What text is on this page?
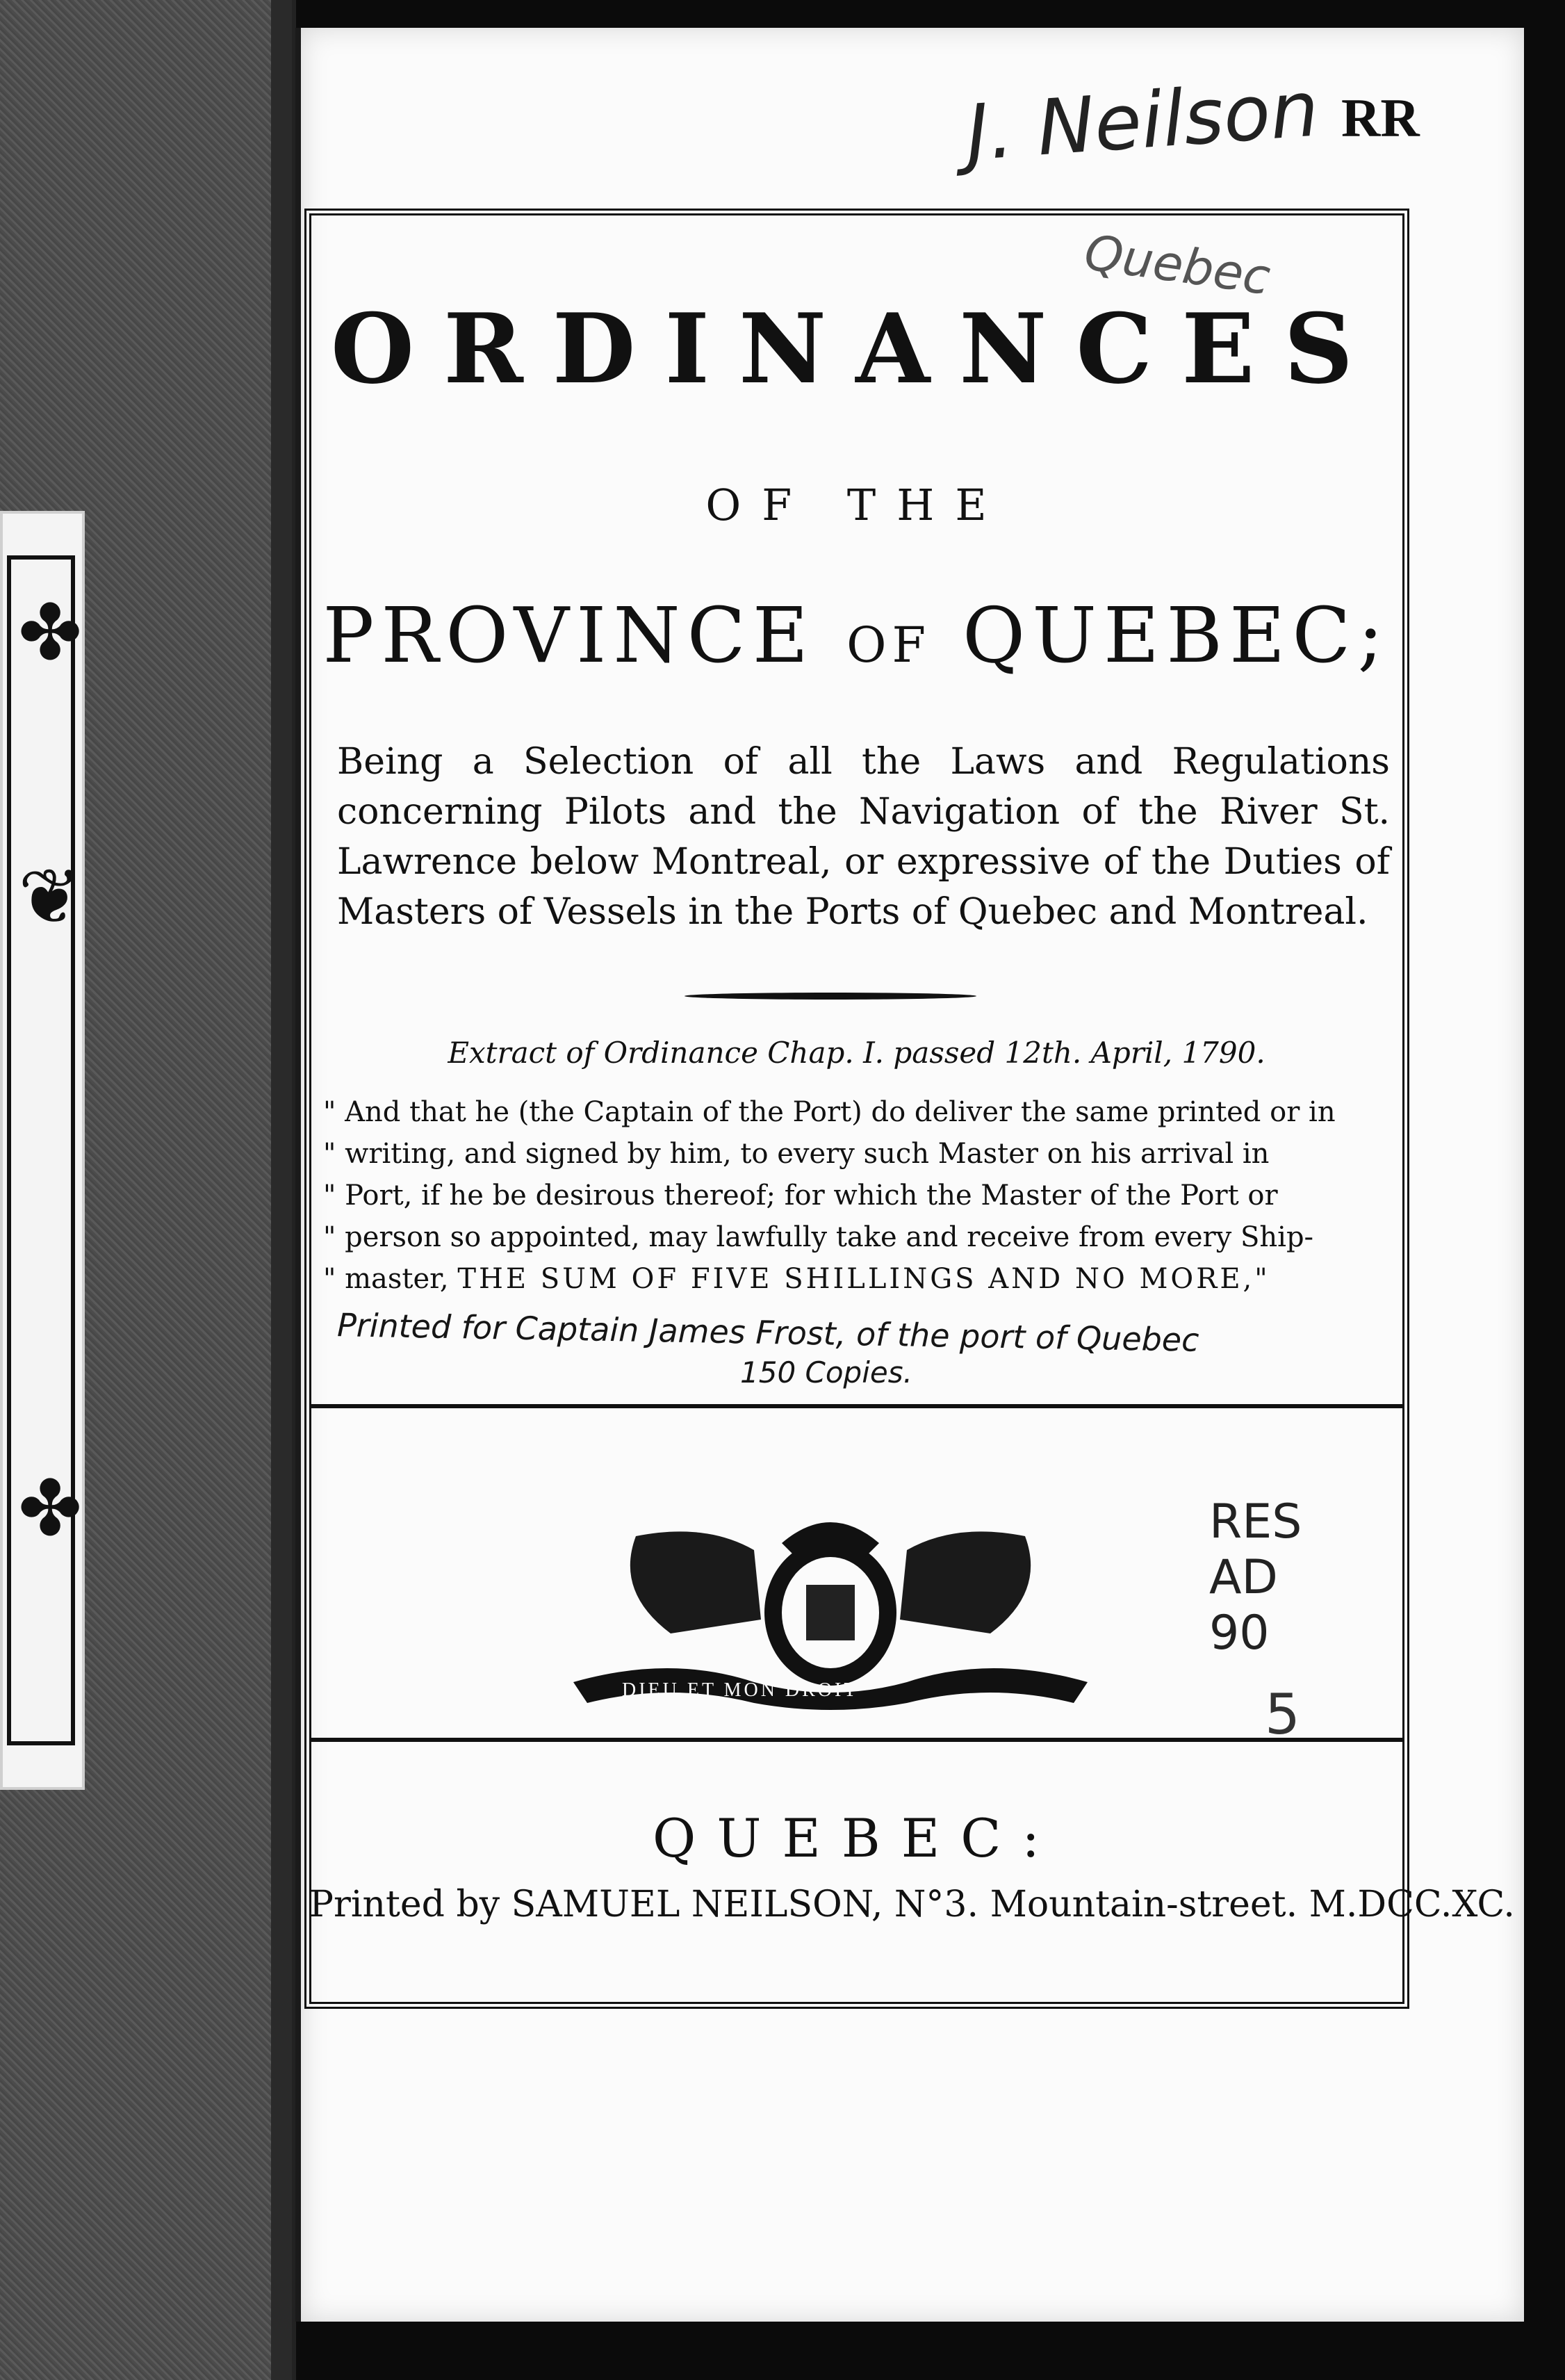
✤
❦
✤
J. Neilson
Quebec
RR
ORDINANCES
OF THE
PROVINCE OF QUEBEC;
Being a Selection of all the Laws and Regulations concerning Pilots and the Navigation of the River St. Lawrence below Montreal, or expressive of the Duties of Masters of Vessels in the Ports of Quebec and Montreal.
Extract of Ordinance Chap. I. passed 12th. April, 1790.
" And that he (the Captain of the Port) do deliver the same printed or in
" writing, and signed by him, to every such Master on his arrival in
" Port, if he be desirous thereof; for which the Master of the Port or
" person so appointed, may lawfully take and receive from every Ship-
" master, THE SUM OF FIVE SHILLINGS AND NO MORE,"
Printed for Captain James Frost, of the port of Quebec
150 Copies.
DIEU ET MON DROIT
QUEBEC:
Printed by SAMUEL NEILSON, N°3. Mountain-street. M.DCC.XC.
RES
AD
90
5
